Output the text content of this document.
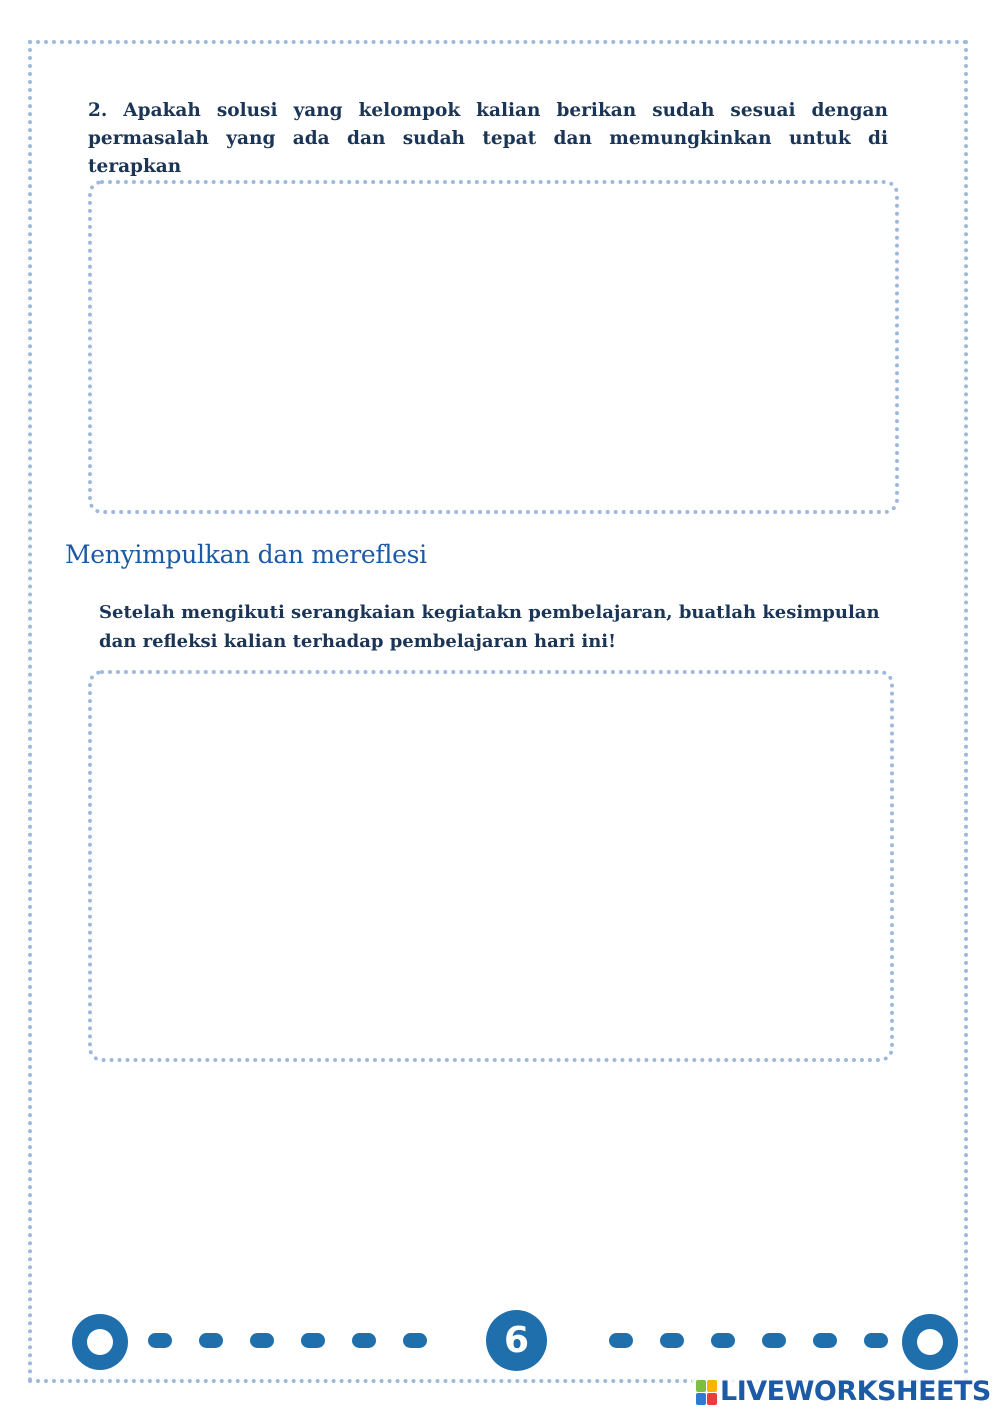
2. Apakah solusi yang kelompok kalian berikan sudah sesuai dengan permasalah yang ada dan sudah tepat dan memungkinkan untuk di terapkan

Menyimpulkan dan mereflesi

Setelah mengikuti serangkaian kegiatakn pembelajaran, buatlah kesimpulan dan refleksi kalian terhadap pembelajaran hari ini!

6
LIVEWORKSHEETS
